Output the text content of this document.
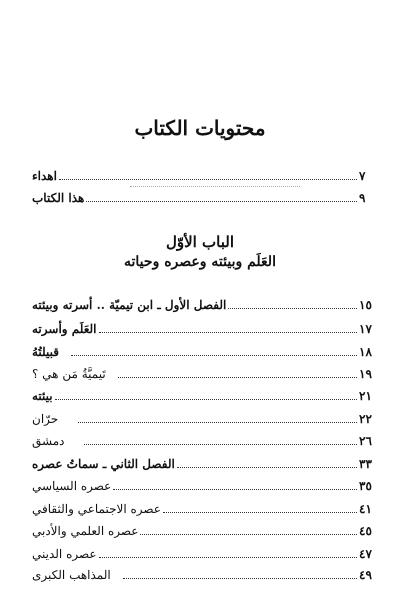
محتويات الكتاب
اهداء	٧
هذا الكتاب	٩
الباب الأوّل
العَلَم وبيئته وعصره وحياته
الفصل الأول ـ ابن تيميّة .. أسرته وبيئته	١٥
العَلَم وأسرته	١٧
قبيلتُهُ	١٨
تَيميَّةُ مَن هي ؟	١٩
بيئته	٢١
حرّان	٢٢
دمشق	٢٦
الفصل الثاني ـ سماتُ عصره	٣٣
عصره السياسي	٣٥
عصره الاجتماعي والثقافي	٤١
عصره العلمي والأدبي	٤٥
عصره الديني	٤٧
المذاهب الكبرى	٤٩
